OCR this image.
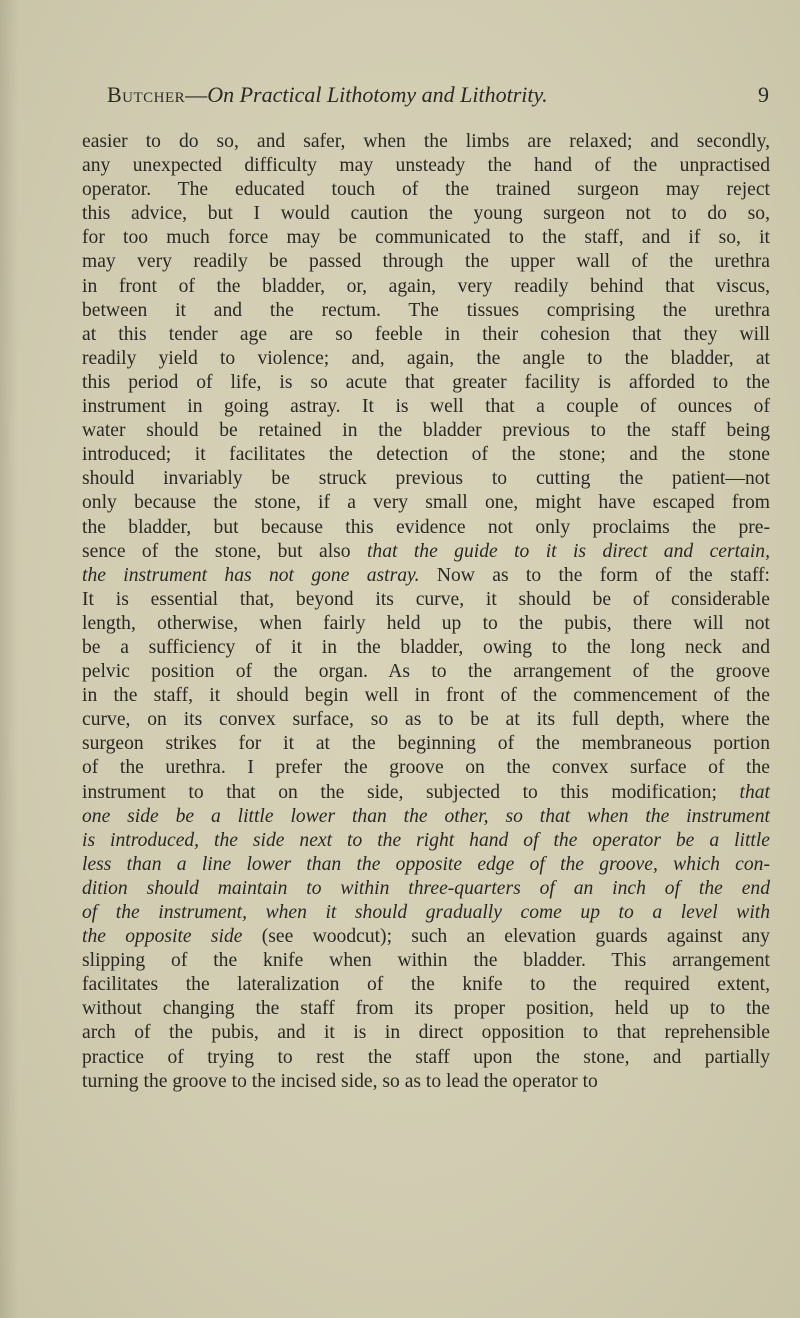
Butcher—On Practical Lithotomy and Lithotrity.	9
easier to do so, and safer, when the limbs are relaxed; and secondly,
any unexpected difficulty may unsteady the hand of the unpractised
operator. The educated touch of the trained surgeon may reject
this advice, but I would caution the young surgeon not to do so,
for too much force may be communicated to the staff, and if so, it
may very readily be passed through the upper wall of the urethra
in front of the bladder, or, again, very readily behind that viscus,
between it and the rectum. The tissues comprising the urethra
at this tender age are so feeble in their cohesion that they will
readily yield to violence; and, again, the angle to the bladder, at
this period of life, is so acute that greater facility is afforded to the
instrument in going astray. It is well that a couple of ounces of
water should be retained in the bladder previous to the staff being
introduced; it facilitates the detection of the stone; and the stone
should invariably be struck previous to cutting the patient—not
only because the stone, if a very small one, might have escaped from
the bladder, but because this evidence not only proclaims the pre-
sence of the stone, but also that the guide to it is direct and certain,
the instrument has not gone astray. Now as to the form of the staff:
It is essential that, beyond its curve, it should be of considerable
length, otherwise, when fairly held up to the pubis, there will not
be a sufficiency of it in the bladder, owing to the long neck and
pelvic position of the organ. As to the arrangement of the groove
in the staff, it should begin well in front of the commencement of the
curve, on its convex surface, so as to be at its full depth, where the
surgeon strikes for it at the beginning of the membraneous portion
of the urethra. I prefer the groove on the convex surface of the
instrument to that on the side, subjected to this modification; that
one side be a little lower than the other, so that when the instrument
is introduced, the side next to the right hand of the operator be a little
less than a line lower than the opposite edge of the groove, which con-
dition should maintain to within three-quarters of an inch of the end
of the instrument, when it should gradually come up to a level with
the opposite side (see woodcut); such an elevation guards against any
slipping of the knife when within the bladder. This arrangement
facilitates the lateralization of the knife to the required extent,
without changing the staff from its proper position, held up to the
arch of the pubis, and it is in direct opposition to that reprehensible
practice of trying to rest the staff upon the stone, and partially
turning the groove to the incised side, so as to lead the operator to
